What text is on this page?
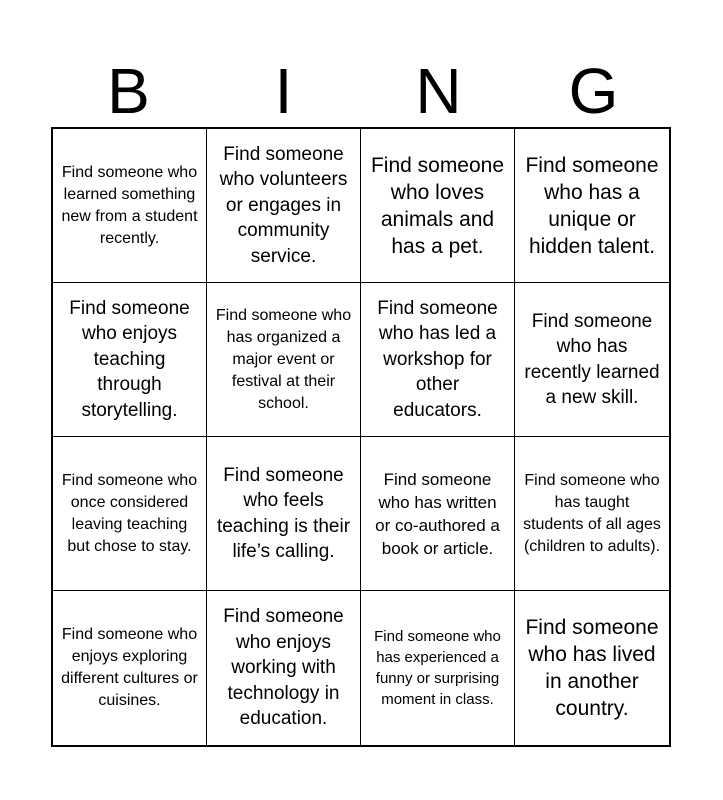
B	I	N	G
Find someone who learned something new from a student recently.
Find someone who volunteers or engages in community service.
Find someone who loves animals and has a pet.
Find someone who has a unique or hidden talent.
Find someone who enjoys teaching through storytelling.
Find someone who has organized a major event or festival at their school.
Find someone who has led a workshop for other educators.
Find someone who has recently learned a new skill.
Find someone who once considered leaving teaching but chose to stay.
Find someone who feels teaching is their life’s calling.
Find someone who has written or co-authored a book or article.
Find someone who has taught students of all ages (children to adults).
Find someone who enjoys exploring different cultures or cuisines.
Find someone who enjoys working with technology in education.
Find someone who has experienced a funny or surprising moment in class.
Find someone who has lived in another country.
